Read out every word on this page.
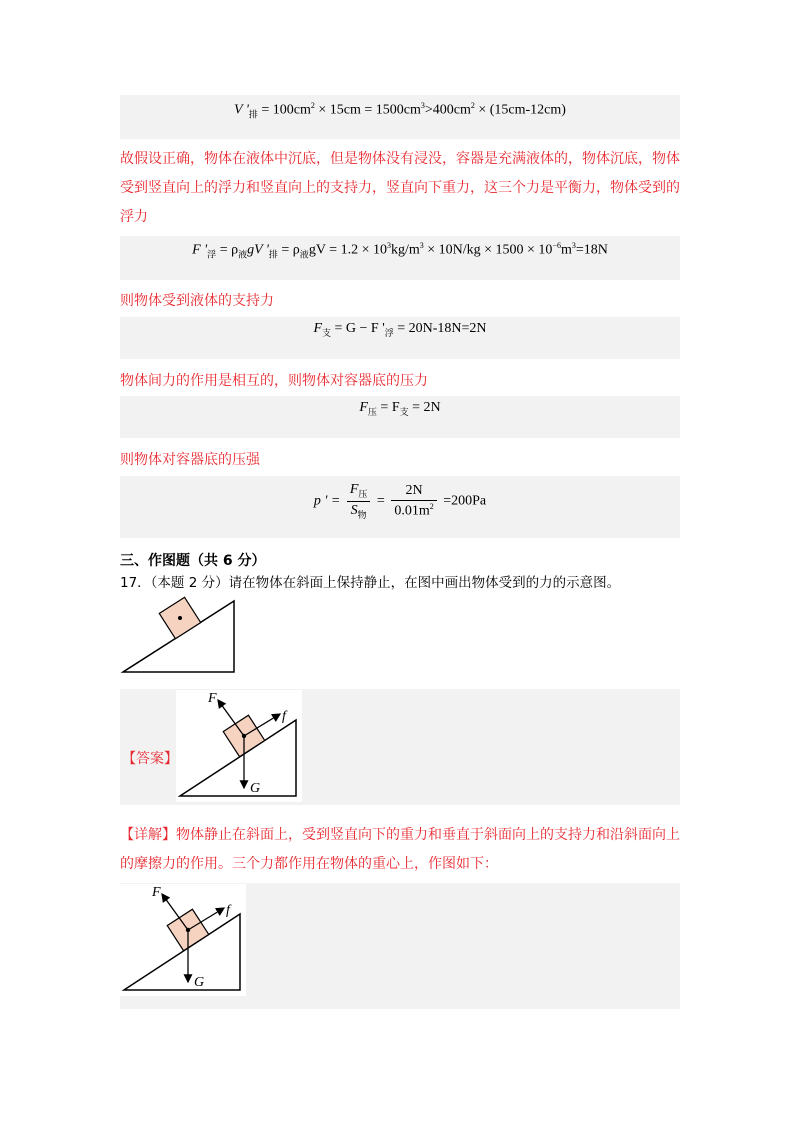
V '$_排 = 100cm^2 \times 15cm = 1500cm^3>400cm^2 \times (15cm-12cm)$
故假设正确，物体在液体中沉底，但是物体没有浸没，容器是充满液体的，物体沉底，物体受到竖直向上的浮力和竖直向上的支持力，竖直向下重力，这三个力是平衡力，物体受到的浮力
F '$_浮 = \rho_液gV$ '$_排 = \rho_液gV = 1.2 \times 10^3kg/m^3 \times 10N/kg \times 1500 \times 10^{-6}m^3=18N$
则物体受到液体的支持力
$F_支 = G - F$ '$_浮 = 20N-18N=2N$
物体间力的作用是相互的，则物体对容器底的压力
$F_压 = F_支 = 2N$
则物体对容器底的压强
p ' = $\frac{F_压}{S_物} = \frac{2N}{0.01m^2} =200Pa$
三、作图题（共 6 分）
17．（本题 2 分）请在物体在斜面上保持静止，在图中画出物体受到的力的示意图。
【答案】
F
f
G
【详解】物体静止在斜面上，受到竖直向下的重力和垂直于斜面向上的支持力和沿斜面向上的摩擦力的作用。三个力都作用在物体的重心上，作图如下：
F
f
G
